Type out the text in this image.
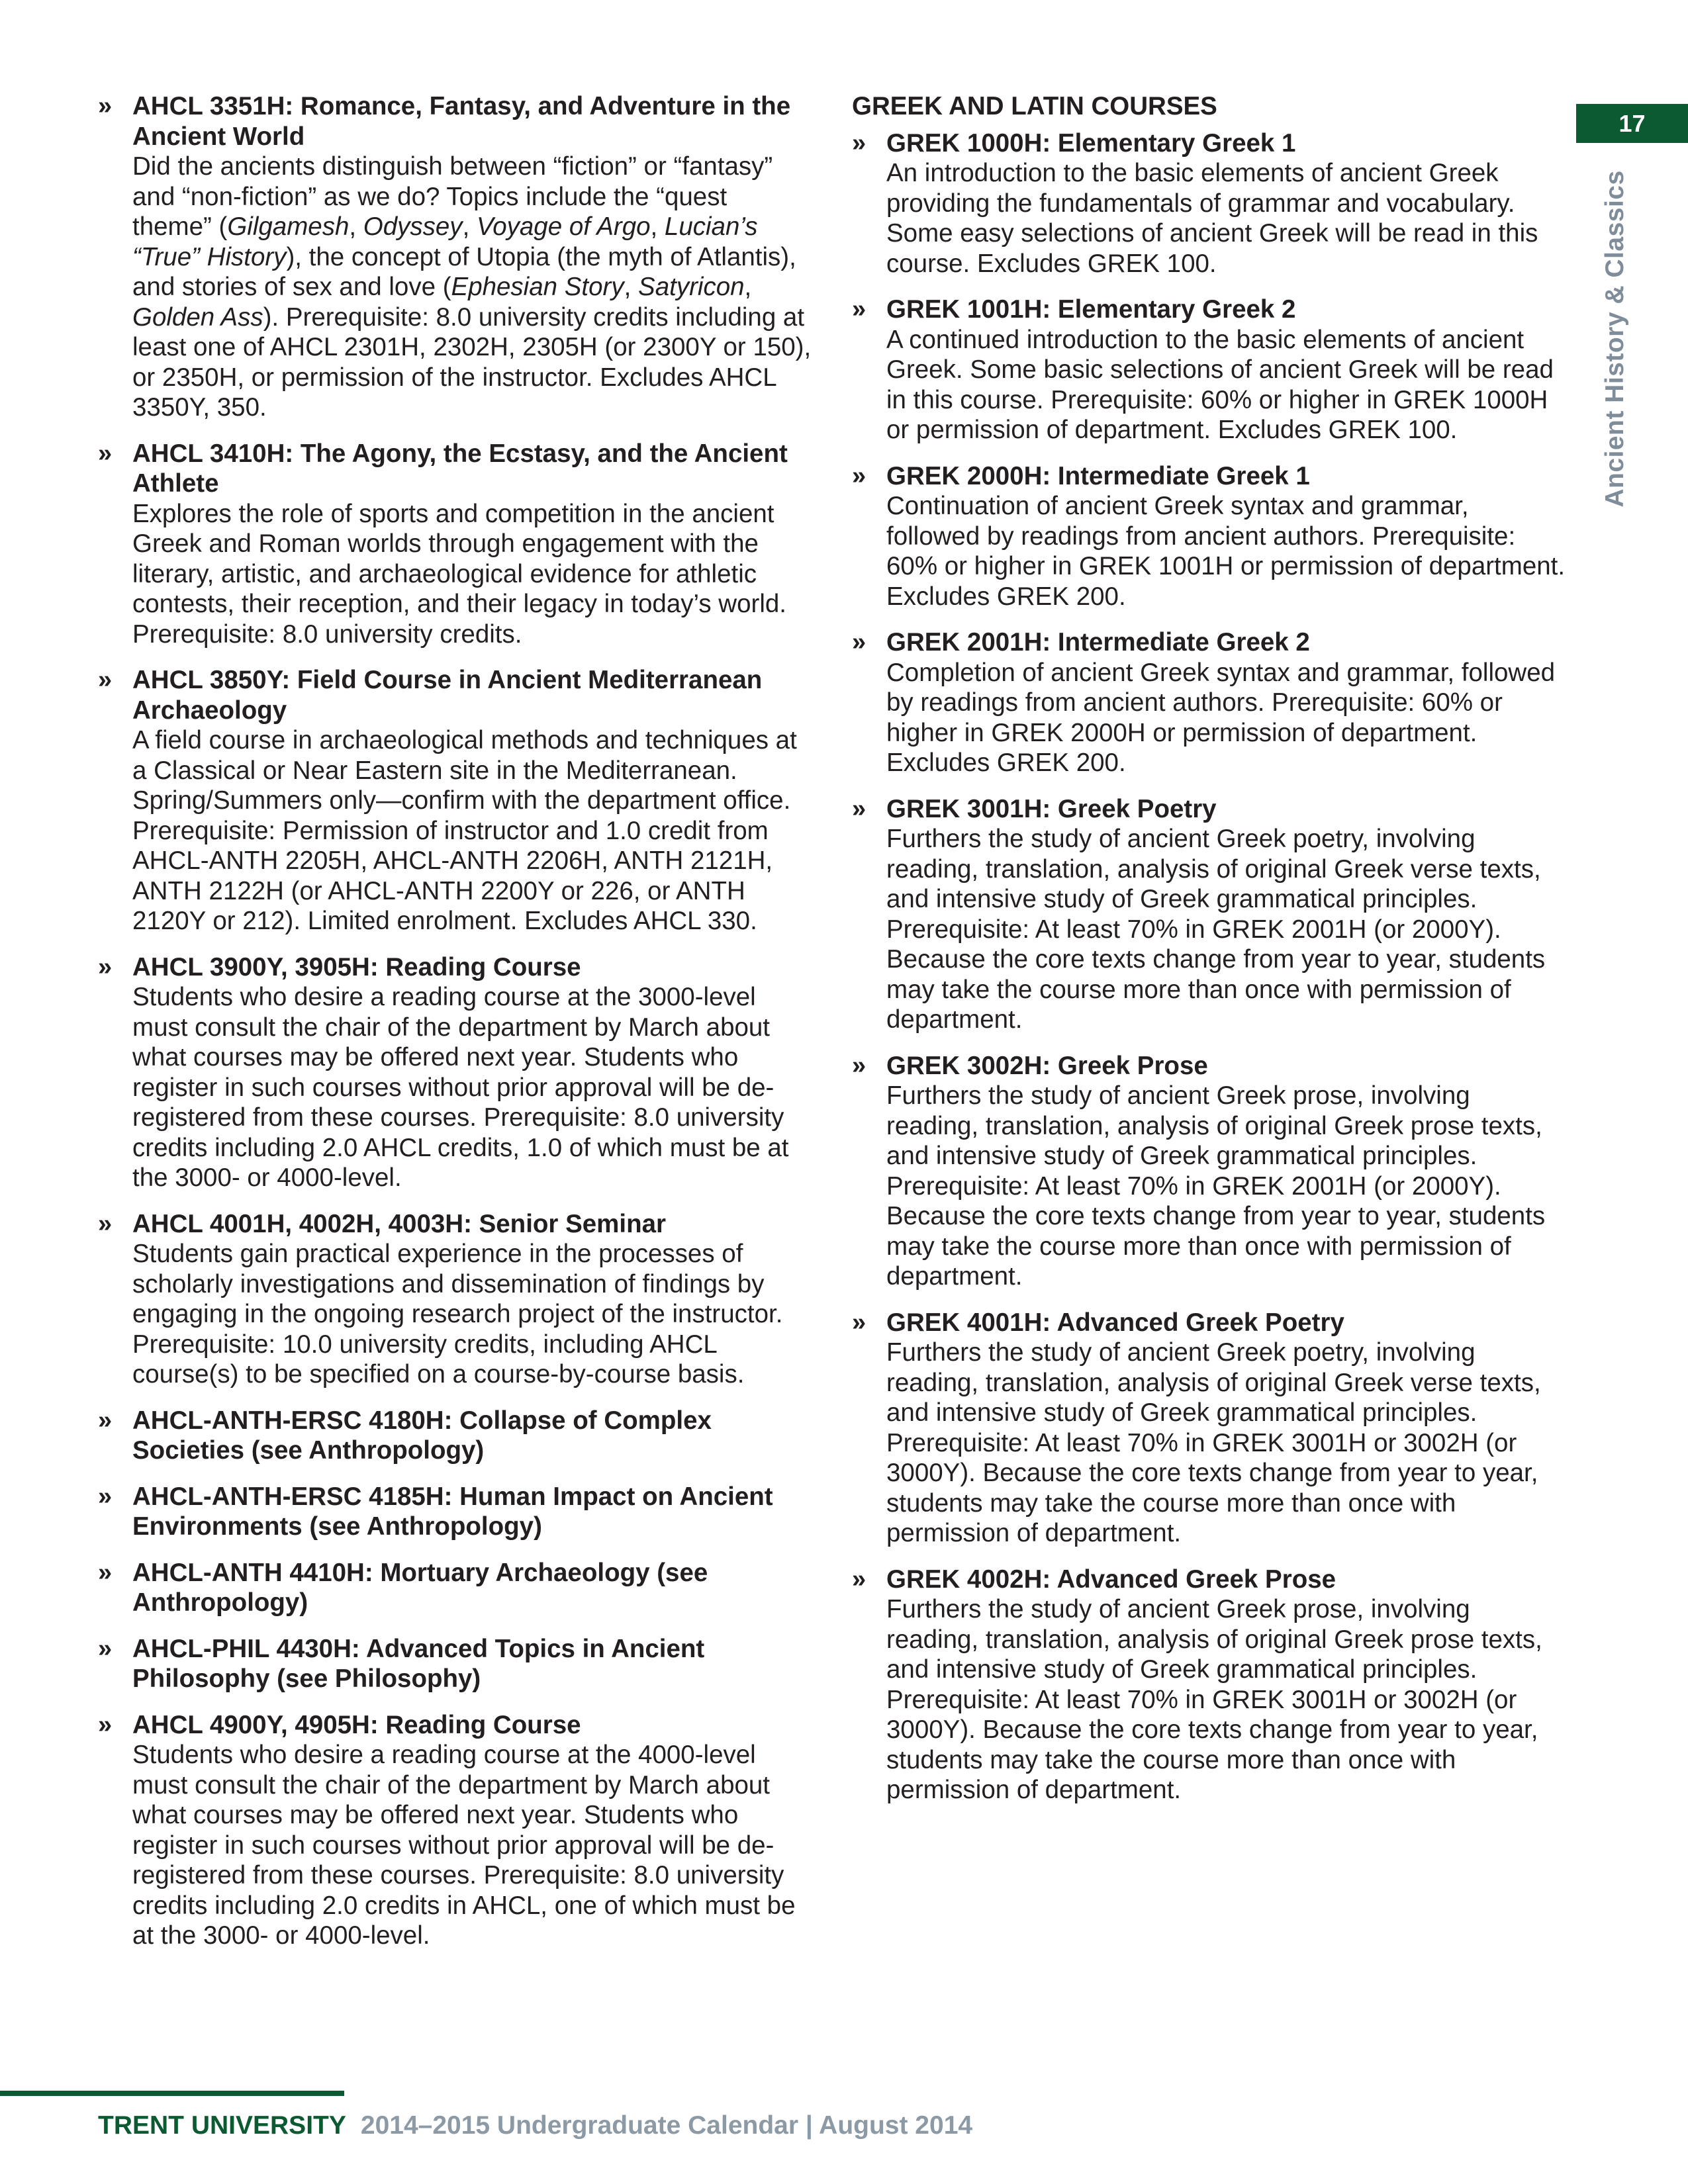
17
Ancient History & Classics
» AHCL 3351H: Romance, Fantasy, and Adventure in the Ancient World

Did the ancients distinguish between “fiction” or “fantasy” and “non-fiction” as we do? Topics include the “quest theme” (Gilgamesh, Odyssey, Voyage of Argo, Lucian’s “True” History), the concept of Utopia (the myth of Atlantis), and stories of sex and love (Ephesian Story, Satyricon, Golden Ass). Prerequisite: 8.0 university credits including at least one of AHCL 2301H, 2302H, 2305H (or 2300Y or 150), or 2350H, or permission of the instructor. Excludes AHCL 3350Y, 350.

» AHCL 3410H: The Agony, the Ecstasy, and the Ancient Athlete

Explores the role of sports and competition in the ancient Greek and Roman worlds through engagement with the literary, artistic, and archaeological evidence for athletic contests, their reception, and their legacy in today’s world. Prerequisite: 8.0 university credits.

» AHCL 3850Y: Field Course in Ancient Mediterranean Archaeology

A field course in archaeological methods and techniques at a Classical or Near Eastern site in the Mediterranean. Spring/Summers only—confirm with the department office. Prerequisite: Permission of instructor and 1.0 credit from AHCL-ANTH 2205H, AHCL-ANTH 2206H, ANTH 2121H, ANTH 2122H (or AHCL-ANTH 2200Y or 226, or ANTH 2120Y or 212). Limited enrolment. Excludes AHCL 330.

» AHCL 3900Y, 3905H: Reading Course

Students who desire a reading course at the 3000-level must consult the chair of the department by March about what courses may be offered next year. Students who register in such courses without prior approval will be de-registered from these courses. Prerequisite: 8.0 university credits including 2.0 AHCL credits, 1.0 of which must be at the 3000- or 4000-level.

» AHCL 4001H, 4002H, 4003H: Senior Seminar

Students gain practical experience in the processes of scholarly investigations and dissemination of findings by engaging in the ongoing research project of the instructor. Prerequisite: 10.0 university credits, including AHCL course(s) to be specified on a course-by-course basis.

» AHCL-ANTH-ERSC 4180H: Collapse of Complex Societies (see Anthropology)

» AHCL-ANTH-ERSC 4185H: Human Impact on Ancient Environments (see Anthropology)

» AHCL-ANTH 4410H: Mortuary Archaeology (see Anthropology)

» AHCL-PHIL 4430H: Advanced Topics in Ancient Philosophy (see Philosophy)

» AHCL 4900Y, 4905H: Reading Course

Students who desire a reading course at the 4000-level must consult the chair of the department by March about what courses may be offered next year. Students who register in such courses without prior approval will be de-registered from these courses. Prerequisite: 8.0 university credits including 2.0 credits in AHCL, one of which must be at the 3000- or 4000-level.

GREEK AND LATIN COURSES

» GREK 1000H: Elementary Greek 1

An introduction to the basic elements of ancient Greek providing the fundamentals of grammar and vocabulary. Some easy selections of ancient Greek will be read in this course. Excludes GREK 100.

» GREK 1001H: Elementary Greek 2

A continued introduction to the basic elements of ancient Greek. Some basic selections of ancient Greek will be read in this course. Prerequisite: 60% or higher in GREK 1000H or permission of department. Excludes GREK 100.

» GREK 2000H: Intermediate Greek 1

Continuation of ancient Greek syntax and grammar, followed by readings from ancient authors. Prerequisite: 60% or higher in GREK 1001H or permission of department. Excludes GREK 200.

» GREK 2001H: Intermediate Greek 2

Completion of ancient Greek syntax and grammar, followed by readings from ancient authors. Prerequisite: 60% or higher in GREK 2000H or permission of department. Excludes GREK 200.

» GREK 3001H: Greek Poetry

Furthers the study of ancient Greek poetry, involving reading, translation, analysis of original Greek verse texts, and intensive study of Greek grammatical principles. Prerequisite: At least 70% in GREK 2001H (or 2000Y). Because the core texts change from year to year, students may take the course more than once with permission of department.

» GREK 3002H: Greek Prose

Furthers the study of ancient Greek prose, involving reading, translation, analysis of original Greek prose texts, and intensive study of Greek grammatical principles. Prerequisite: At least 70% in GREK 2001H (or 2000Y). Because the core texts change from year to year, students may take the course more than once with permission of department.

» GREK 4001H: Advanced Greek Poetry

Furthers the study of ancient Greek poetry, involving reading, translation, analysis of original Greek verse texts, and intensive study of Greek grammatical principles. Prerequisite: At least 70% in GREK 3001H or 3002H (or 3000Y). Because the core texts change from year to year, students may take the course more than once with permission of department.

» GREK 4002H: Advanced Greek Prose

Furthers the study of ancient Greek prose, involving reading, translation, analysis of original Greek prose texts, and intensive study of Greek grammatical principles. Prerequisite: At least 70% in GREK 3001H or 3002H (or 3000Y). Because the core texts change from year to year, students may take the course more than once with permission of department.

TRENT UNIVERSITY 2014–2015 Undergraduate Calendar | August 2014
